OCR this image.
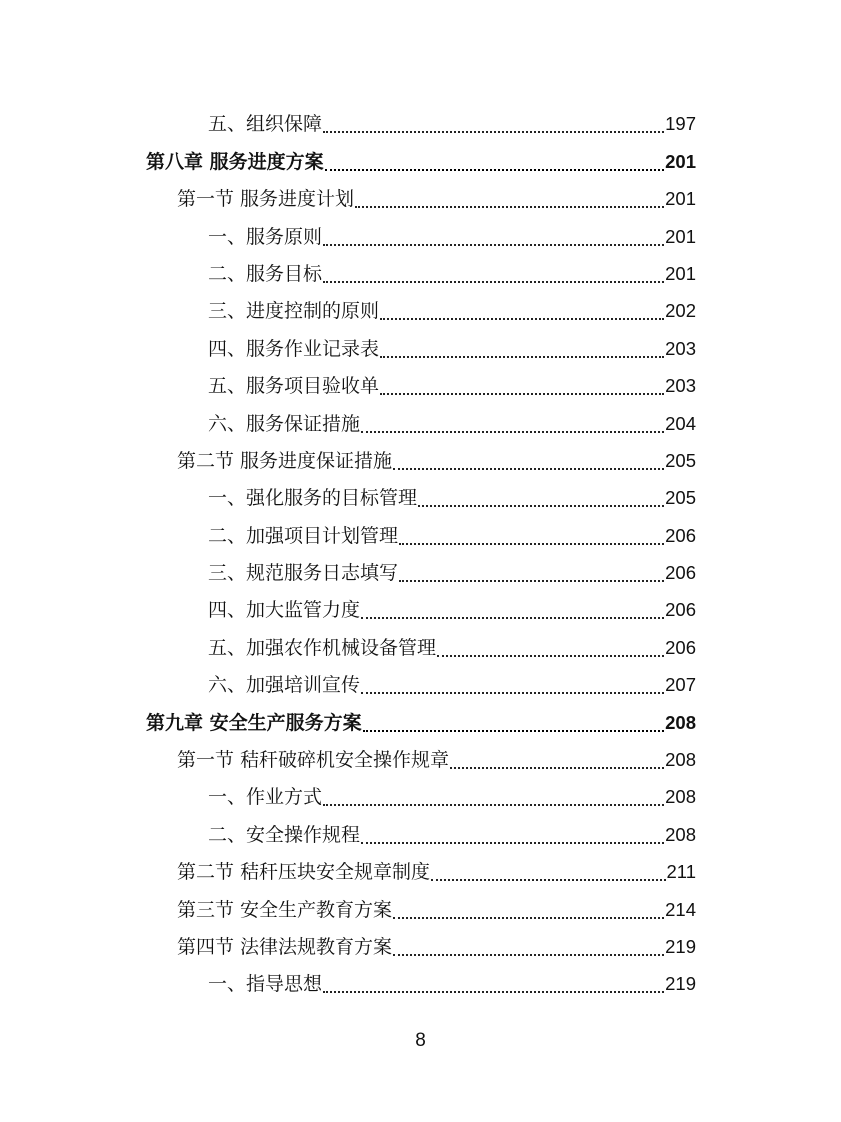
五、组织保障	197
第八章 服务进度方案	201
第一节 服务进度计划	201
一、服务原则	201
二、服务目标	201
三、进度控制的原则	202
四、服务作业记录表	203
五、服务项目验收单	203
六、服务保证措施	204
第二节 服务进度保证措施	205
一、强化服务的目标管理	205
二、加强项目计划管理	206
三、规范服务日志填写	206
四、加大监管力度	206
五、加强农作机械设备管理	206
六、加强培训宣传	207
第九章 安全生产服务方案	208
第一节 秸秆破碎机安全操作规章	208
一、作业方式	208
二、安全操作规程	208
第二节 秸秆压块安全规章制度	211
第三节 安全生产教育方案	214
第四节 法律法规教育方案	219
一、指导思想	219
8
